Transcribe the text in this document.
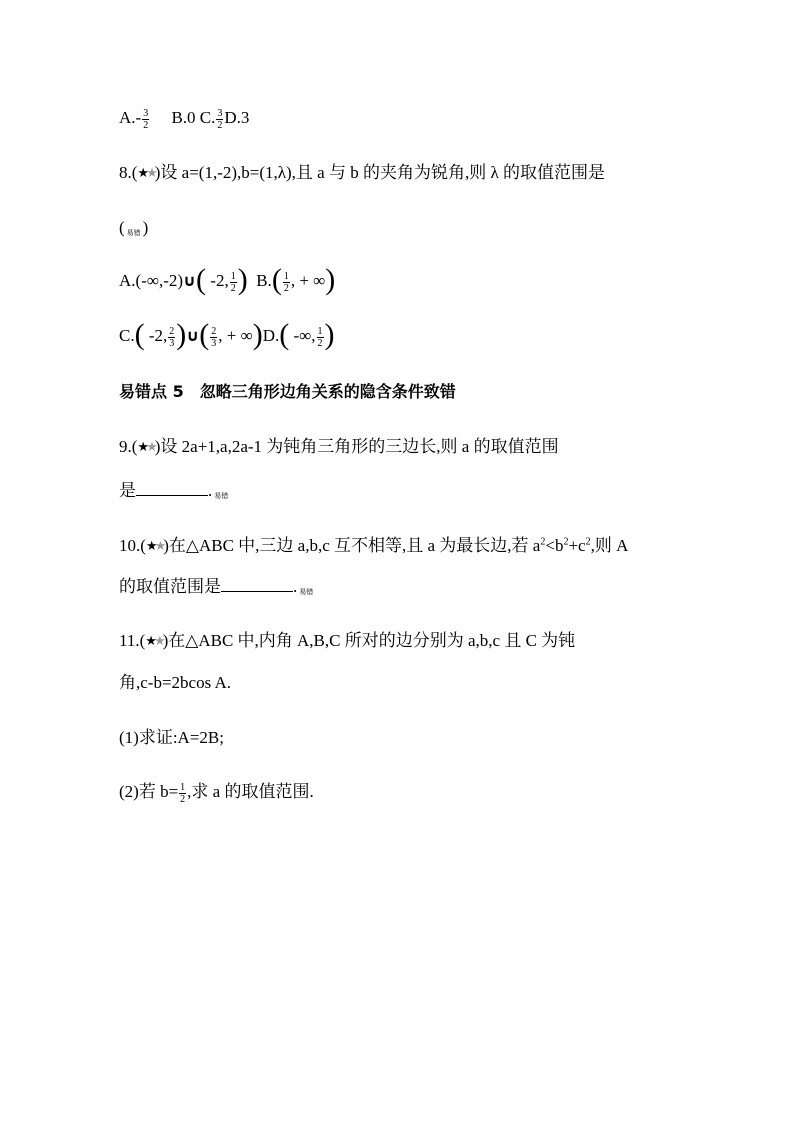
$A.- \frac{3}{2} B.0$ C. $\frac{3}{2} D.3$
8.(★★)设 a=(1,-2),b=(1,λ),且 a 与 b 的夹角为锐角,则 λ 的取值范围是
( 易错 )
A.(-∞,-2)∪( -2, $\frac{1}{2}$ ) $B.( \frac{1}{2}$ , + ∞)
C.( -2, $\frac{2}{3}$ )∪( $\frac{2}{3}$ , + ∞)D.( -∞, $\frac{1}{2}$ )
易错点 5　忽略三角形边角关系的隐含条件致错
9.(★★)设 2a+1,a,2a-1 为钝角三角形的三边长,则 a 的取值范围
是	. 易错
10.(★★)在△ABC 中,三边 a,b,c 互不相等,且 a 为最长边,若 $a^2<b^2+c^2$,则 A
的取值范围是	. 易错
11.(★★)在△ABC 中,内角 A,B,C 所对的边分别为 a,b,c 且 C 为钝
角,c-b=2bcos A.
(1)求证:A=2B;
(2)若 $b= \frac{1}{2}$ ,求 a 的取值范围.
